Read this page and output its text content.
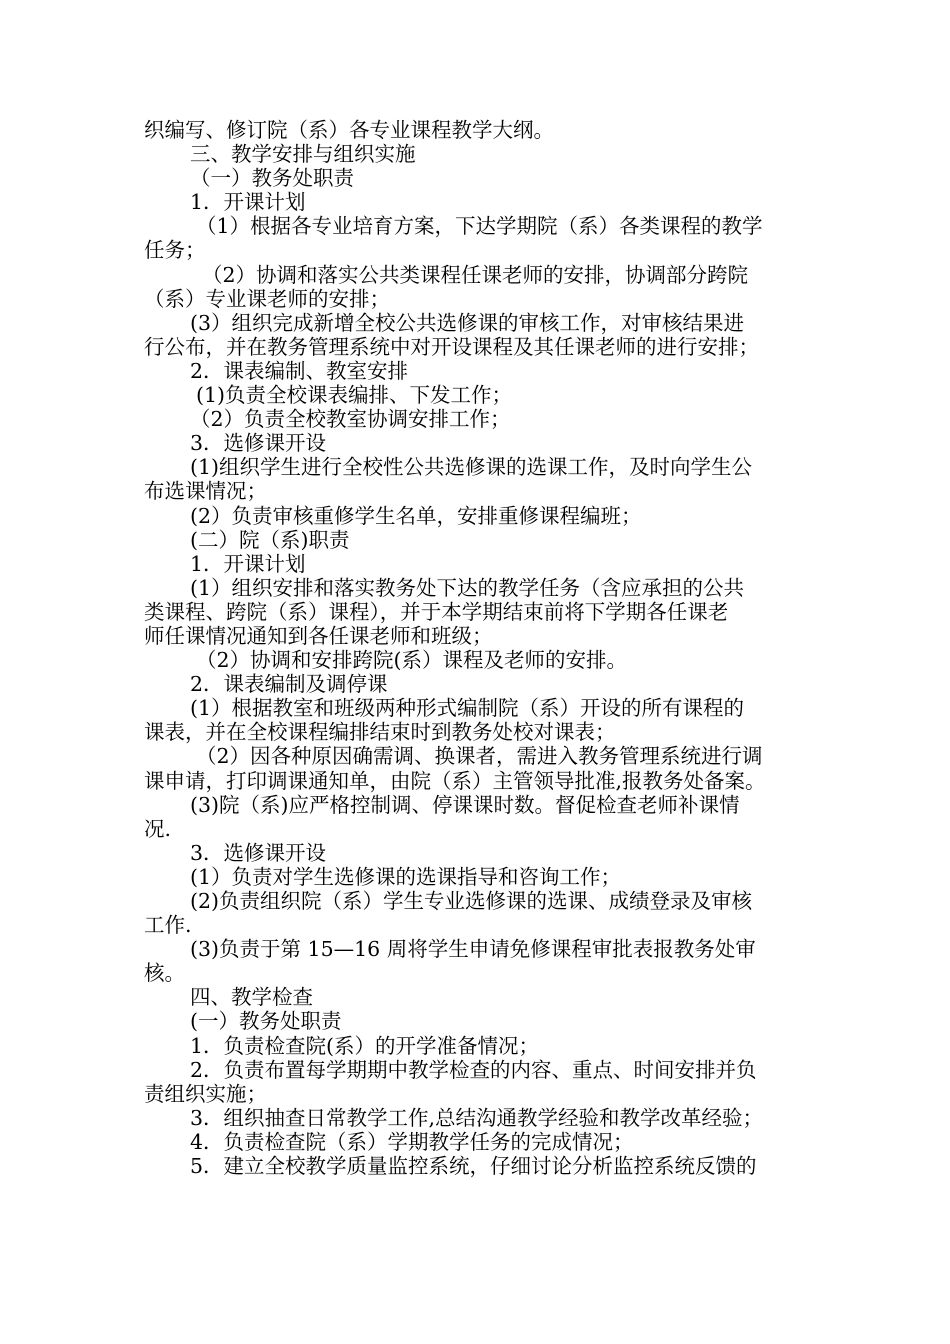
织编写、修订院（系）各专业课程教学大纲。
三、教学安排与组织实施
（一）教务处职责
1．开课计划
（1）根据各专业培育方案，下达学期院（系）各类课程的教学
任务；
（2）协调和落实公共类课程任课老师的安排，协调部分跨院
（系）专业课老师的安排；
(3）组织完成新增全校公共选修课的审核工作，对审核结果进
行公布，并在教务管理系统中对开设课程及其任课老师的进行安排；
2．课表编制、教室安排
(1)负责全校课表编排、下发工作；
（2）负责全校教室协调安排工作；
3．选修课开设
(1)组织学生进行全校性公共选修课的选课工作，及时向学生公
布选课情况；
(2）负责审核重修学生名单，安排重修课程编班；
(二）院（系)职责
1．开课计划
(1）组织安排和落实教务处下达的教学任务（含应承担的公共
类课程、跨院（系）课程），并于本学期结束前将下学期各任课老
师任课情况通知到各任课老师和班级；
（2）协调和安排跨院(系）课程及老师的安排。
2．课表编制及调停课
(1）根据教室和班级两种形式编制院（系）开设的所有课程的
课表，并在全校课程编排结束时到教务处校对课表；
（2）因各种原因确需调、换课者，需进入教务管理系统进行调
课申请，打印调课通知单，由院（系）主管领导批准,报教务处备案。
(3)院（系)应严格控制调、停课课时数。督促检查老师补课情
况.
3．选修课开设
(1）负责对学生选修课的选课指导和咨询工作；
(2)负责组织院（系）学生专业选修课的选课、成绩登录及审核
工作.
(3)负责于第 15—16 周将学生申请免修课程审批表报教务处审
核。
四、教学检查
(一）教务处职责
1．负责检查院(系）的开学准备情况；
2．负责布置每学期期中教学检查的内容、重点、时间安排并负
责组织实施；
3．组织抽查日常教学工作,总结沟通教学经验和教学改革经验；
4．负责检查院（系）学期教学任务的完成情况；
5．建立全校教学质量监控系统，仔细讨论分析监控系统反馈的
